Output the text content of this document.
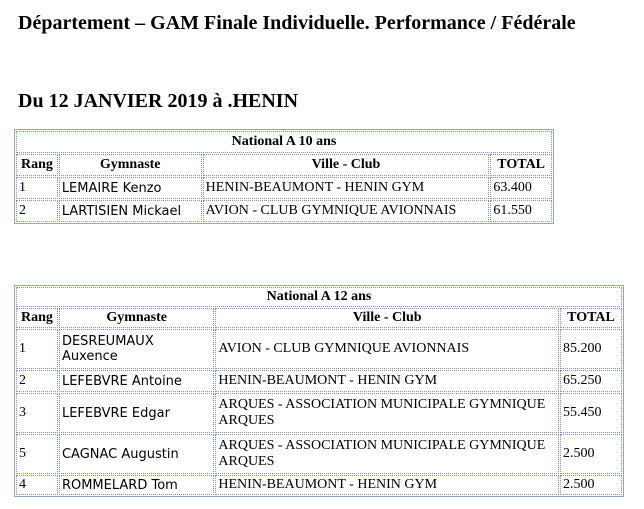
Département – GAM Finale Individuelle. Performance / Fédérale
Du 12 JANVIER 2019 à .HENIN
National A 10 ans			
Rang	Gymnaste	Ville - Club	TOTAL
1	LEMAIRE Kenzo	HENIN-BEAUMONT - HENIN GYM	63.400
2	LARTISIEN Mickael	AVION - CLUB GYMNIQUE AVIONNAIS	61.550
National A 12 ans			
Rang	Gymnaste	Ville - Club	TOTAL
1	DESREUMAUX Auxence	AVION - CLUB GYMNIQUE AVIONNAIS	85.200
2	LEFEBVRE Antoine	HENIN-BEAUMONT - HENIN GYM	65.250
3	LEFEBVRE Edgar	ARQUES - ASSOCIATION MUNICIPALE GYMNIQUE ARQUES	55.450
5	CAGNAC Augustin	ARQUES - ASSOCIATION MUNICIPALE GYMNIQUE ARQUES	2.500
4	ROMMELARD Tom	HENIN-BEAUMONT - HENIN GYM	2.500
